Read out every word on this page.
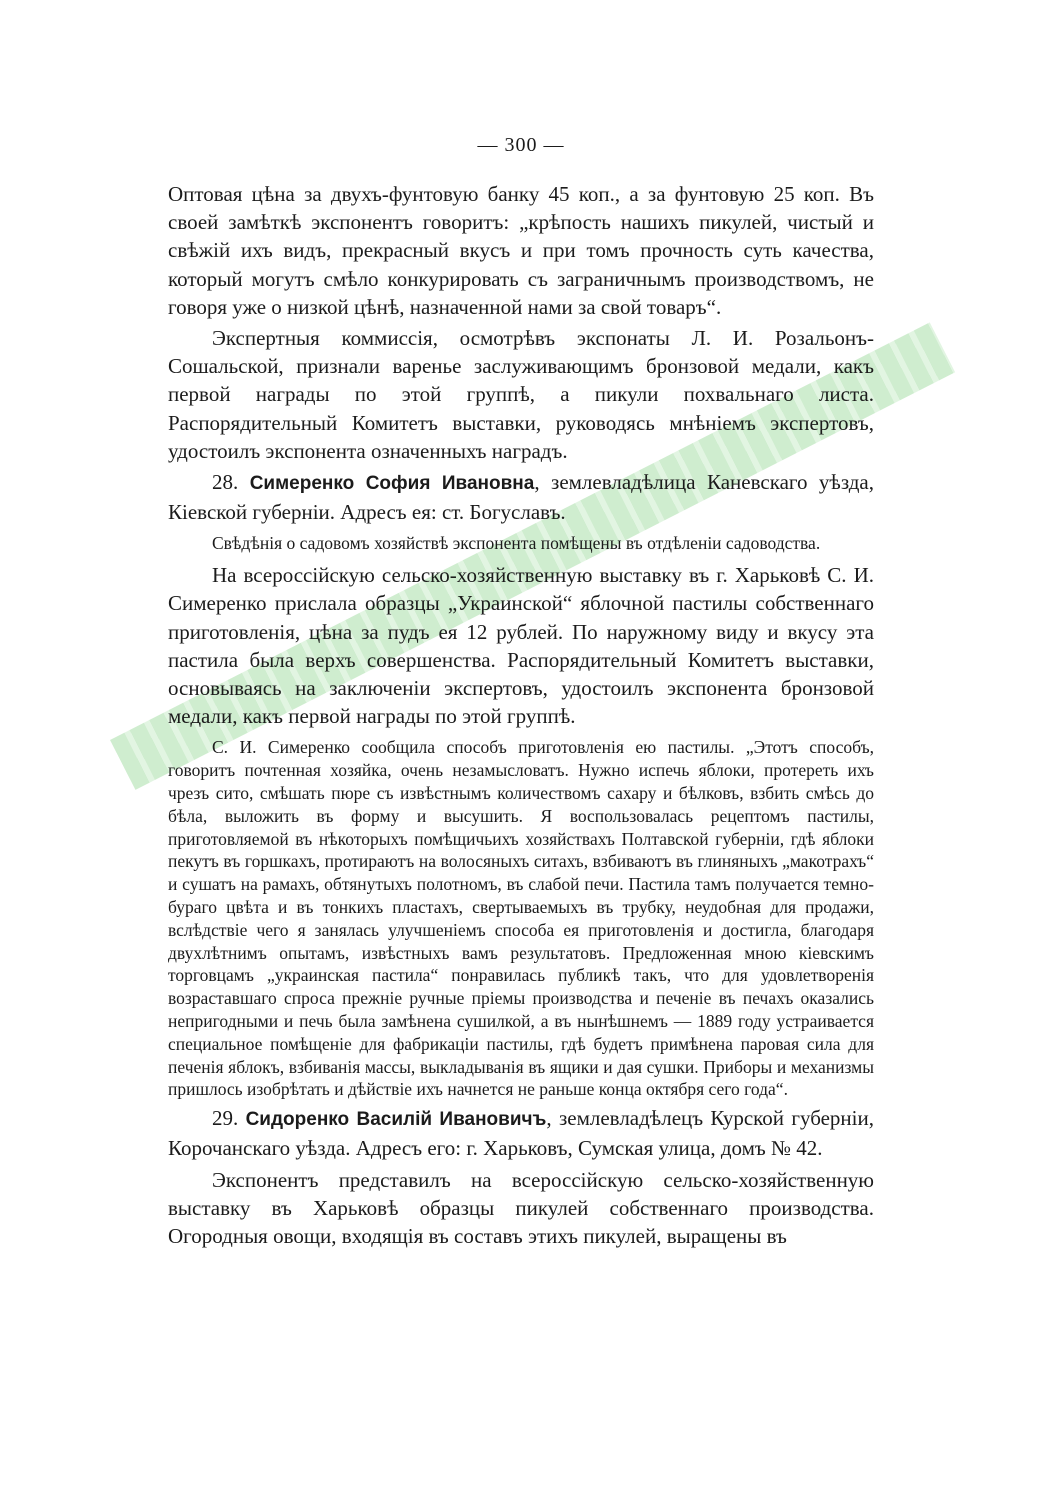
— 300 —

Оптовая цѣна за двухъ-фунтовую банку 45 коп., а за фунтовую 25 коп. Въ своей замѣткѣ экспонентъ говоритъ: „крѣпость нашихъ пикулей, чистый и свѣжій ихъ видъ, прекрасный вкусъ и при томъ прочность суть качества, который могутъ смѣло конкурировать съ заграничнымъ производствомъ, не говоря уже о низкой цѣнѣ, назначенной нами за свой товаръ“.

Экспертныя коммиссія, осмотрѣвъ экспонаты Л. И. Розальонъ-Сошальской, признали варенье заслуживающимъ бронзовой медали, какъ первой награды по этой группѣ, а пикули похвальнаго листа. Распорядительный Комитетъ выставки, руководясь мнѣніемъ экспертовъ, удостоилъ экспонента означенныхъ наградъ.

28. Симеренко София Ивановна, землевладѣлица Каневскаго уѣзда, Кіевской губерніи. Адресъ ея: ст. Богуславъ.

Свѣдѣнія о садовомъ хозяйствѣ экспонента помѣщены въ отдѣленіи садоводства.

На всероссійскую сельско-хозяйственную выставку въ г. Харьковѣ С. И. Симеренко прислала образцы „Украинской“ яблочной пастилы собственнаго приготовленія, цѣна за пудъ ея 12 рублей. По наружному виду и вкусу эта пастила была верхъ совершенства. Распорядительный Комитетъ выставки, основываясь на заключеніи экспертовъ, удостоилъ экспонента бронзовой медали, какъ первой награды по этой группѣ.

С. И. Симеренко сообщила способъ приготовленія ею пастилы. „Этотъ способъ, говоритъ почтенная хозяйка, очень незамысловатъ. Нужно испечь яблоки, протереть ихъ чрезъ сито, смѣшать пюре съ извѣстнымъ количествомъ сахару и бѣлковъ, взбить смѣсь до бѣла, выложить въ форму и высушить. Я воспользовалась рецептомъ пастилы, приготовляемой въ нѣкоторыхъ помѣщичьихъ хозяйствахъ Полтавской губерніи, гдѣ яблоки пекутъ въ горшкахъ, протираютъ на волосяныхъ ситахъ, взбиваютъ въ глиняныхъ „макотрахъ“ и сушатъ на рамахъ, обтянутыхъ полотномъ, въ слабой печи. Пастила тамъ получается темно-бураго цвѣта и въ тонкихъ пластахъ, свертываемыхъ въ трубку, неудобная для продажи, вслѣдствіе чего я занялась улучшеніемъ способа ея приготовленія и достигла, благодаря двухлѣтнимъ опытамъ, извѣстныхъ вамъ результатовъ. Предложенная мною кіевскимъ торговцамъ „украинская пастила“ понравилась публикѣ такъ, что для удовлетворенія возраставшаго спроса прежніе ручные пріемы производства и печеніе въ печахъ оказались непригодными и печь была замѣнена сушилкой, а въ нынѣшнемъ — 1889 году устраивается специальное помѣщеніе для фабрикаціи пастилы, гдѣ будетъ примѣнена паровая сила для печенія яблокъ, взбиванія массы, выкладыванія въ ящики и дая сушки. Приборы и механизмы пришлось изобрѣтать и дѣйствіе ихъ начнется не раньше конца октября сего года“.

29. Сидоренко Василій Ивановичъ, землевладѣлецъ Курской губерніи, Корочанскаго уѣзда. Адресъ его: г. Харьковъ, Сумская улица, домъ № 42.

Экспонентъ представилъ на всероссійскую сельско-хозяйственную выставку въ Харьковѣ образцы пикулей собственнаго производства. Огородныя овощи, входящія въ составъ этихъ пикулей, выращены въ
